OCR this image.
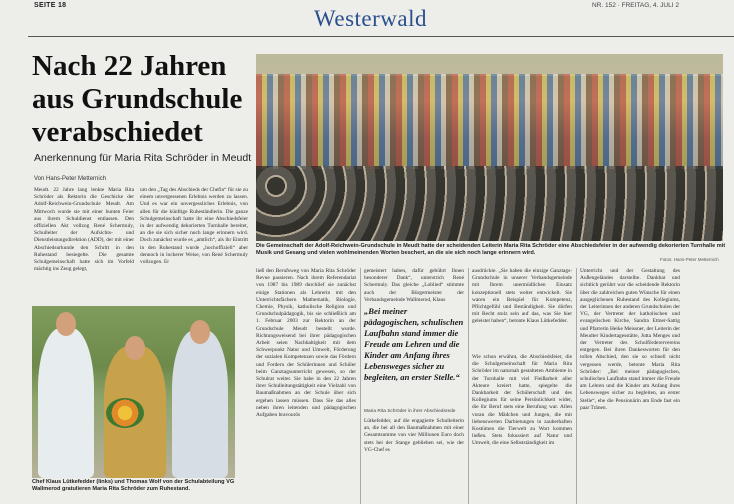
SEITE 18
Westerwald
NR. 152 · FREITAG, 4. JULI 2
Nach 22 Jahren aus Grundschule verabschiedet
Anerkennung für Maria Rita Schröder in Meudt
Von Hans-Peter Metternich
Meudt. 22 Jahre lang lenkte Maria Rita Schröder als Rektorin die Geschicke der Adolf-Reichwein-Grundschule Meudt. Am Mittwoch wurde sie mit einer bunten Feier aus ihrem Schuldienst entlassen. Den offiziellen Akt vollzog René Schermuly, Schulleiter der Aufsichts- und Dienstleistungsdirektion (ADD), der mit einer Abschiedsurkunde den Schritt in den Ruhestand besiegelte. Die gesamte Schulgemeinschaft hatte sich im Vorfeld mächtig ins Zeug gelegt,
um den „Tag des Abschieds der Chefin“ für sie zu einem unvergessenen Erlebnis werden zu lassen. Und es war ein unvergessliches Erlebnis, von allen für die künftige Ruheständlerin. Die ganze Schulgemeinschaft hatte ihr eine Abschiedsfeier in der aufwendig dekorierten Turnhalle bereitet, an die sie sich sicher noch lange erinnern wird. Doch zunächst wurde es „amtlich“, als ihr Eintritt in den Ruhestand wurde „hochoffiziell“ aber dennoch in lockerer Weise, von René Schermuly vollzogen. Er
Die Gemeinschaft der Adolf-Reichwein-Grundschule in Meudt hatte der scheidenden Leiterin Maria Rita Schröder eine Abschiedsfeier in der aufwendig dekorierten Turnhalle mit Musik und Gesang und vielen wohlmeinenden Worten beschert, an die sie sich noch lange erinnern wird.
Fotos: Hans-Peter Metternich
Chef Klaus Lütkefedder (links) und Thomas Wolf von der Schulabteilung VG Wallmerod gratulieren Maria Rita Schröder zum Ruhestand.
ließ den Berufsweg von Maria Rita Schröder Revue passieren. Nach ihrem Referendariat von 1987 bis 1989 durchlief sie zunächst einige Stationen als Lehrerin mit den Unterrichtsfächern Mathematik, Biologie, Chemie, Physik, katholische Religion und Grundschulpädagogik, bis sie schließlich am 1. Februar 2003 zur Rektorin an der Grundschule Meudt bestellt wurde. Richtungsweisend bei ihrer pädagogischen Arbeit seien Nachhaltigkeit mit dem Schwerpunkt Natur und Umwelt, Förderung der sozialen Kompetenzen sowie das Fördern und Fordern der Schülerinnen und Schüler beim Ganztagsunterricht gewesen, so der Schulrat weiter. Sie habe in den 22 Jahren ihrer Schulleitungstätigkeit eine Vielzahl von Baumaßnahmen an der Schule über sich ergehen lassen müssen. Dass Sie das alles neben ihren leitenden und pädagogischen Aufgaben bravourös
gemeistert haben, dafür gebührt Ihnen besonderer Dank“, unterstrich René Schermuly. Das gleiche „Loblied“ stimmte auch der Bürgermeister der Verbandsgemeinde Wallmerod, Klaus
„Bei meiner pädagogischen, schulischen Laufbahn stand immer die Freude am Lehren und die Kinder am Anfang ihres Lebensweges sicher zu begleiten, an erster Stelle.“
Maria Rita Schröder in ihrer Abschiedsrede
Lütkefedder, auf die engagierte Schulleiterin an, die bei all den Baumaßnahmen mit einer Gesamtsumme von vier Millionen Euro doch stets bei der Stange geblieben sei, wie der VG-Chef es
ausdrückte. „Sie haben die einzige Ganztags-Grundschule in unserer Verbandsgemeinde mit Ihrem unermüdlichen Einsatz konzeptionell stets weiter entwickelt. Sie waren ein Beispiel für Kompetenz, Pflichtgefühl und Beständigkeit. Sie dürfen mit Recht stolz sein auf das, was Sie hier geleistet haben“, betonte Klaus Lütkefedder.
Wie schon erwähnt, die Abschiedsfeier, die die Schulgemeinschaft für Maria Rita Schröder im naturnah gestalteten Ambiente in der Turnhalle mit viel Fleißarbeit aller Akteure kreiert hatte, spiegelte die Dankbarkeit der Schülerschaft und des Kollegiums für seine Persönlichkeit wider, die ihr Beruf stets eine Berufung war. Allen voran die Mädchen und Jungen, die mit liebenswerten Darbietungen in zauberhaften Kostümen die Tierwelt zu Wort kommen ließen. Stets fokussiert auf Natur und Umwelt, die eine Selbstständigkeit im
Unterricht und der Gestaltung des Außengeländes darstellte. Dankbar und sichtlich gerührt war die scheidende Rektorin über die zahlreichen guten Wünsche für einen ausgeglichenen Ruhestand des Kollegiums, der Leiterinnen der anderen Grundschulen der VG, der Vertreter der katholischen und evangelischen Kirche, Sandra Ettner-Sattig und Pfarrerin Heike Meissner, der Leiterin der Meudter Kindertagesstätte, Jutta Menges und der Vertreter des Schulförderervereins entgegen. Bei ihren Dankesworten für den tollen Abschied, den sie so schnell nicht vergessen werde, betonte Maria Rita Schröder: „Bei meiner pädagogischen, schulischen Laufbahn stand immer die Freude am Lehren und die Kinder am Anfang ihres Lebensweges sicher zu begleiten, an erster Stelle“, ehe die Pensionärin am Ende fast ein paar Tränen.
